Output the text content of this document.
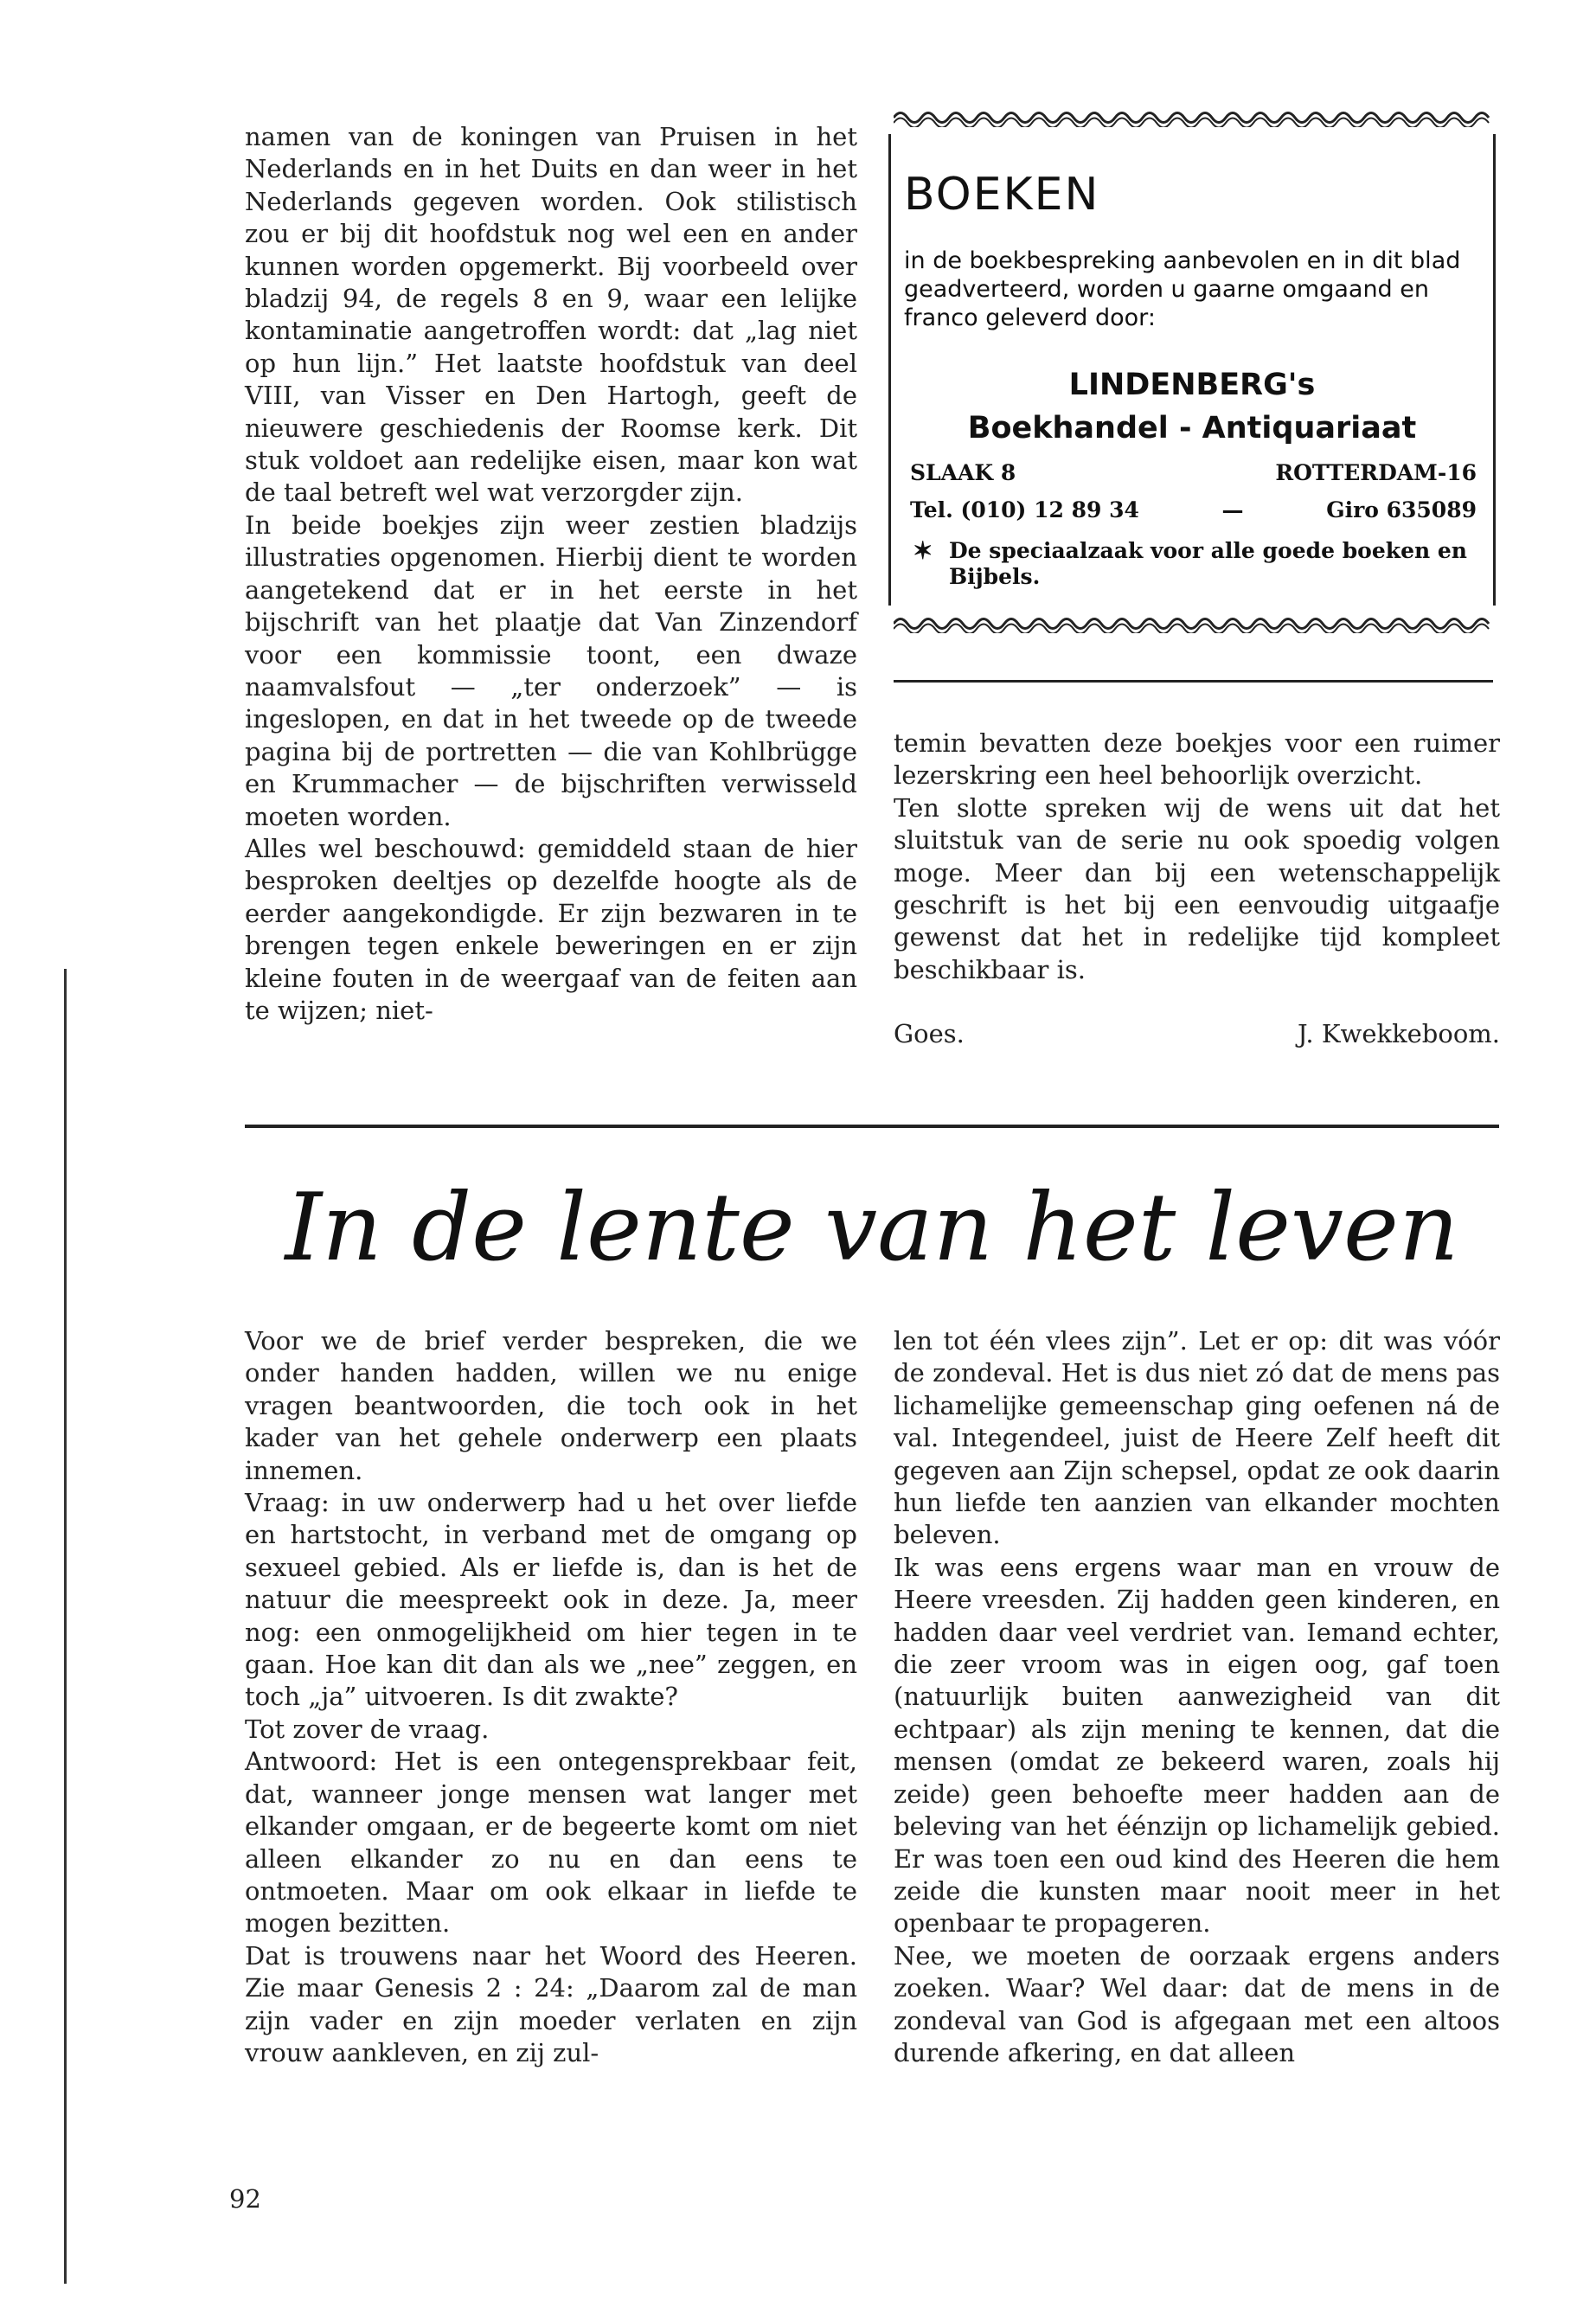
namen van de koningen van Pruisen in het Nederlands en in het Duits en dan weer in het Nederlands gegeven worden. Ook stilistisch zou er bij dit hoofdstuk nog wel een en ander kunnen worden opgemerkt. Bij voorbeeld over bladzij 94, de regels 8 en 9, waar een lelijke kontaminatie aangetroffen wordt: dat „lag niet op hun lijn.” Het laatste hoofdstuk van deel VIII, van Visser en Den Hartogh, geeft de nieuwere geschiedenis der Roomse kerk. Dit stuk voldoet aan redelijke eisen, maar kon wat de taal betreft wel wat verzorgder zijn.

In beide boekjes zijn weer zestien bladzijs illustraties opgenomen. Hierbij dient te worden aangetekend dat er in het eerste in het bijschrift van het plaatje dat Van Zinzendorf voor een kommissie toont, een dwaze naamvalsfout — „ter onderzoek” — is ingeslopen, en dat in het tweede op de tweede pagina bij de portretten — die van Kohlbrügge en Krummacher — de bijschriften verwisseld moeten worden.

Alles wel beschouwd: gemiddeld staan de hier besproken deeltjes op dezelfde hoogte als de eerder aangekondigde. Er zijn bezwaren in te brengen tegen enkele beweringen en er zijn kleine fouten in de weergaaf van de feiten aan te wijzen; niet-

BOEKEN
in de boekbespreking aanbevolen en in dit blad geadverteerd, worden u gaarne omgaand en franco geleverd door:
LINDENBERG's
Boekhandel - Antiquariaat
SLAAK 8	ROTTERDAM-16
Tel. (010) 12 89 34	—	Giro 635089
✶ De speciaalzaak voor alle goede boeken en Bijbels.

temin bevatten deze boekjes voor een ruimer lezerskring een heel behoorlijk overzicht.

Ten slotte spreken wij de wens uit dat het sluitstuk van de serie nu ook spoedig volgen moge. Meer dan bij een wetenschappelijk geschrift is het bij een eenvoudig uitgaafje gewenst dat het in redelijke tijd kompleet beschikbaar is.

Goes.	J. Kwekkeboom.
In de lente van het leven

Voor we de brief verder bespreken, die we onder handen hadden, willen we nu enige vragen beantwoorden, die toch ook in het kader van het gehele onderwerp een plaats innemen.

Vraag: in uw onderwerp had u het over liefde en hartstocht, in verband met de omgang op sexueel gebied. Als er liefde is, dan is het de natuur die meespreekt ook in deze. Ja, meer nog: een onmogelijkheid om hier tegen in te gaan. Hoe kan dit dan als we „nee” zeggen, en toch „ja” uitvoeren. Is dit zwakte?

Tot zover de vraag.

Antwoord: Het is een ontegensprekbaar feit, dat, wanneer jonge mensen wat langer met elkander omgaan, er de begeerte komt om niet alleen elkander zo nu en dan eens te ontmoeten. Maar om ook elkaar in liefde te mogen bezitten.

Dat is trouwens naar het Woord des Heeren. Zie maar Genesis 2 : 24: „Daarom zal de man zijn vader en zijn moeder verlaten en zijn vrouw aankleven, en zij zul-

len tot één vlees zijn”. Let er op: dit was vóór de zondeval. Het is dus niet zó dat de mens pas lichamelijke gemeenschap ging oefenen ná de val. Integendeel, juist de Heere Zelf heeft dit gegeven aan Zijn schepsel, opdat ze ook daarin hun liefde ten aanzien van elkander mochten beleven.

Ik was eens ergens waar man en vrouw de Heere vreesden. Zij hadden geen kinderen, en hadden daar veel verdriet van. Iemand echter, die zeer vroom was in eigen oog, gaf toen (natuurlijk buiten aanwezigheid van dit echtpaar) als zijn mening te kennen, dat die mensen (omdat ze bekeerd waren, zoals hij zeide) geen behoefte meer hadden aan de beleving van het éénzijn op lichamelijk gebied. Er was toen een oud kind des Heeren die hem zeide die kunsten maar nooit meer in het openbaar te propageren.

Nee, we moeten de oorzaak ergens anders zoeken. Waar? Wel daar: dat de mens in de zondeval van God is afgegaan met een altoos durende afkering, en dat alleen

92
